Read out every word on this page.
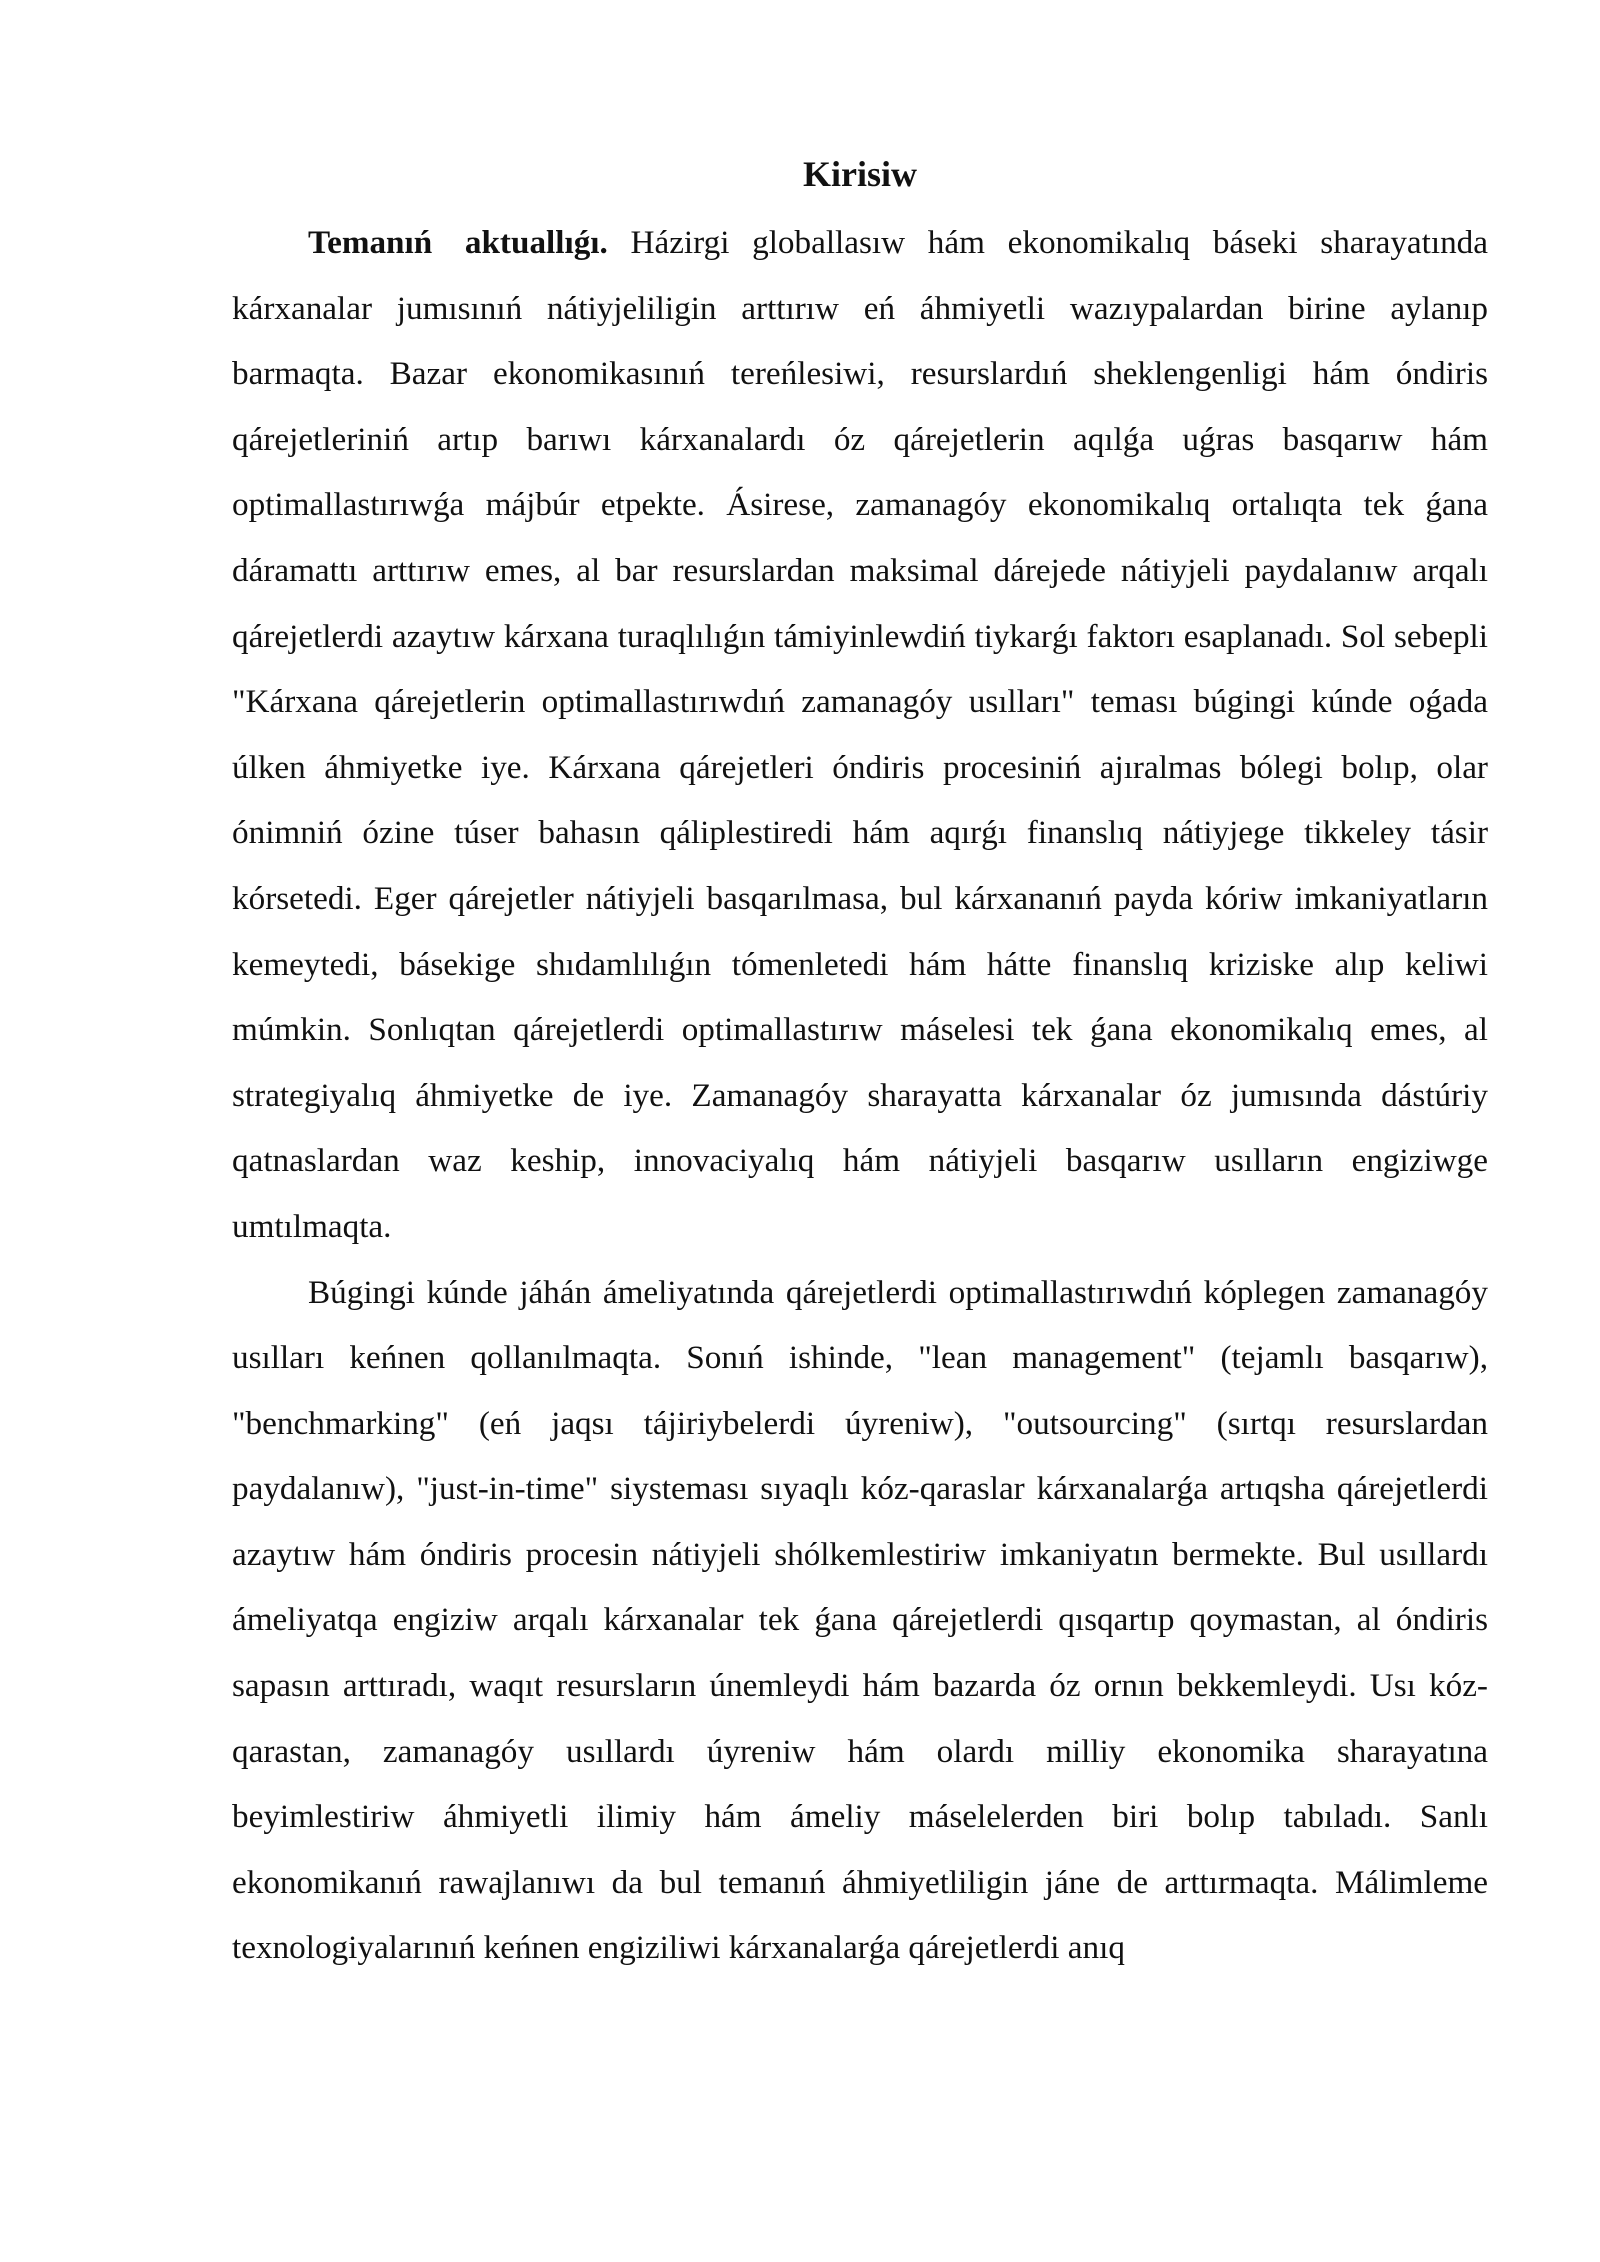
Kirisiw

Temanıń aktuallıǵı. Házirgi globallasıw hám ekonomikalıq báseki sharayatında kárxanalar jumısınıń nátiyjeliligin arttırıw eń áhmiyetli wazıypalardan birine aylanıp barmaqta. Bazar ekonomikasınıń tereńlesiwi, resurslardıń sheklengenligi hám óndiris qárejetleriniń artıp barıwı kárxanalardı óz qárejetlerin aqılǵa uǵras basqarıw hám optimallastırıwǵa májbúr etpekte. Ásirese, zamanagóy ekonomikalıq ortalıqta tek ǵana dáramattı arttırıw emes, al bar resurslardan maksimal dárejede nátiyjeli paydalanıw arqalı qárejetlerdi azaytıw kárxana turaqlılıǵın támiyinlewdiń tiykarǵı faktorı esaplanadı. Sol sebepli "Kárxana qárejetlerin optimallastırıwdıń zamanagóy usılları" teması búgingi kúnde oǵada úlken áhmiyetke iye. Kárxana qárejetleri óndiris procesiniń ajıralmas bólegi bolıp, olar ónimniń ózine túser bahasın qáliplestiredi hám aqırǵı finanslıq nátiyjege tikkeley tásir kórsetedi. Eger qárejetler nátiyjeli basqarılmasa, bul kárxananıń payda kóriw imkaniyatların kemeytedi, básekige shıdamlılıǵın tómenletedi hám hátte finanslıq kriziske alıp keliwi múmkin. Sonlıqtan qárejetlerdi optimallastırıw máselesi tek ǵana ekonomikalıq emes, al strategiyalıq áhmiyetke de iye. Zamanagóy sharayatta kárxanalar óz jumısında dástúriy qatnaslardan waz keship, innovaciyalıq hám nátiyjeli basqarıw usılların engiziwge umtılmaqta.

Búgingi kúnde jáhán ámeliyatında qárejetlerdi optimallastırıwdıń kóplegen zamanagóy usılları keńnen qollanılmaqta. Sonıń ishinde, "lean management" (tejamlı basqarıw), "benchmarking" (eń jaqsı tájiriybelerdi úyreniw), "outsourcing" (sırtqı resurslardan paydalanıw), "just-in-time" siysteması sıyaqlı kóz-qaraslar kárxanalarǵa artıqsha qárejetlerdi azaytıw hám óndiris procesin nátiyjeli shólkemlestiriw imkaniyatın bermekte. Bul usıllardı ámeliyatqa engiziw arqalı kárxanalar tek ǵana qárejetlerdi qısqartıp qoymastan, al óndiris sapasın arttıradı, waqıt resursların únemleydi hám bazarda óz ornın bekkemleydi. Usı kóz-qarastan, zamanagóy usıllardı úyreniw hám olardı milliy ekonomika sharayatına beyimlestiriw áhmiyetli ilimiy hám ámeliy máselelerden biri bolıp tabıladı. Sanlı ekonomikanıń rawajlanıwı da bul temanıń áhmiyetliligin jáne de arttırmaqta. Málimleme texnologiyalarınıń keńnen engiziliwi kárxanalarǵa qárejetlerdi anıq
